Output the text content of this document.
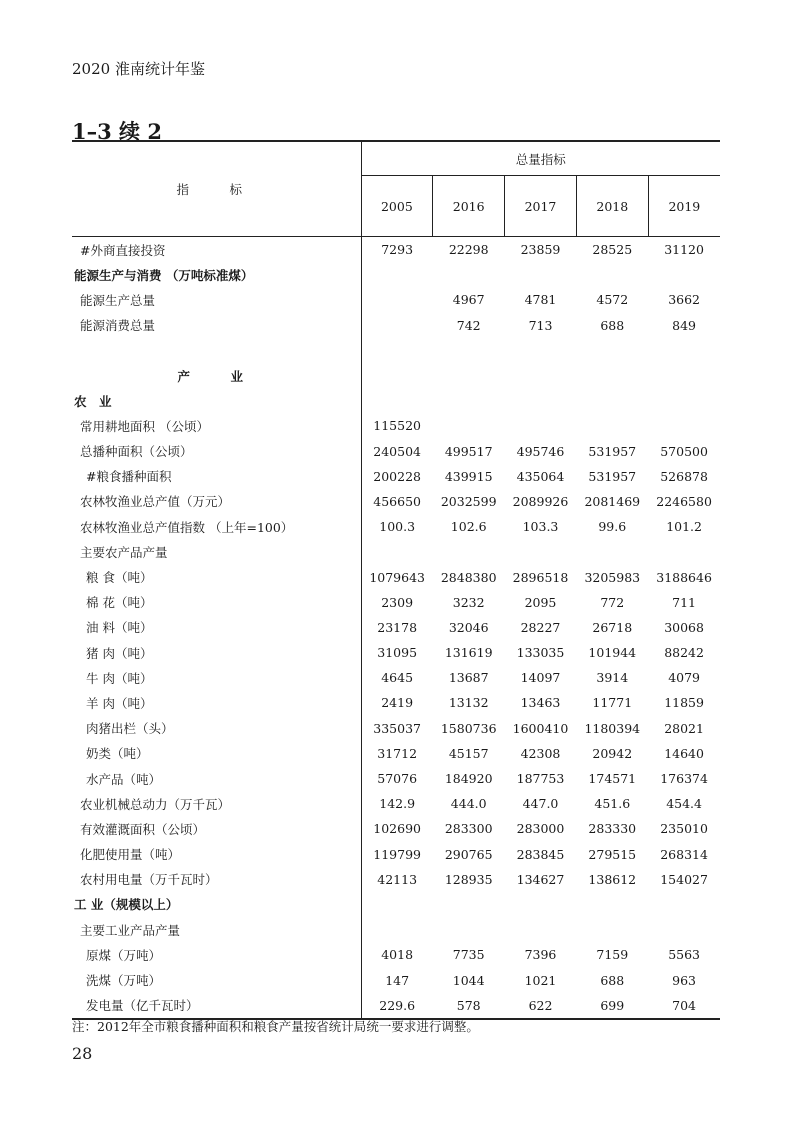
2020 淮南统计年鉴
1–3 续 2
指　标	总量指标				
	2005	2016	2017	2018	2019
#外商直接投资	7293	22298	23859	28525	31120
能源生产与消费 （万吨标准煤）					
能源生产总量		4967	4781	4572	3662
能源消费总量		742	713	688	849

产　业					
农　业					
常用耕地面积 （公顷）	115520				
总播种面积（公顷）	240504	499517	495746	531957	570500
#粮食播种面积	200228	439915	435064	531957	526878
农林牧渔业总产值（万元）	456650	2032599	2089926	2081469	2246580
农林牧渔业总产值指数 （上年=100）	100.3	102.6	103.3	99.6	101.2
主要农产品产量					
粮 食（吨）	1079643	2848380	2896518	3205983	3188646
棉 花（吨）	2309	3232	2095	772	711
油 料（吨）	23178	32046	28227	26718	30068
猪 肉（吨）	31095	131619	133035	101944	88242
牛 肉（吨）	4645	13687	14097	3914	4079
羊 肉（吨）	2419	13132	13463	11771	11859
肉猪出栏（头）	335037	1580736	1600410	1180394	28021
奶类（吨）	31712	45157	42308	20942	14640
水产品（吨）	57076	184920	187753	174571	176374
农业机械总动力（万千瓦）	142.9	444.0	447.0	451.6	454.4
有效灌溉面积（公顷）	102690	283300	283000	283330	235010
化肥使用量（吨）	119799	290765	283845	279515	268314
农村用电量（万千瓦时）	42113	128935	134627	138612	154027
工 业（规模以上）					
主要工业产品产量					
原煤（万吨）	4018	7735	7396	7159	5563
洗煤（万吨）	147	1044	1021	688	963
发电量（亿千瓦时）	229.6	578	622	699	704
注：2012年全市粮食播种面积和粮食产量按省统计局统一要求进行调整。
28
